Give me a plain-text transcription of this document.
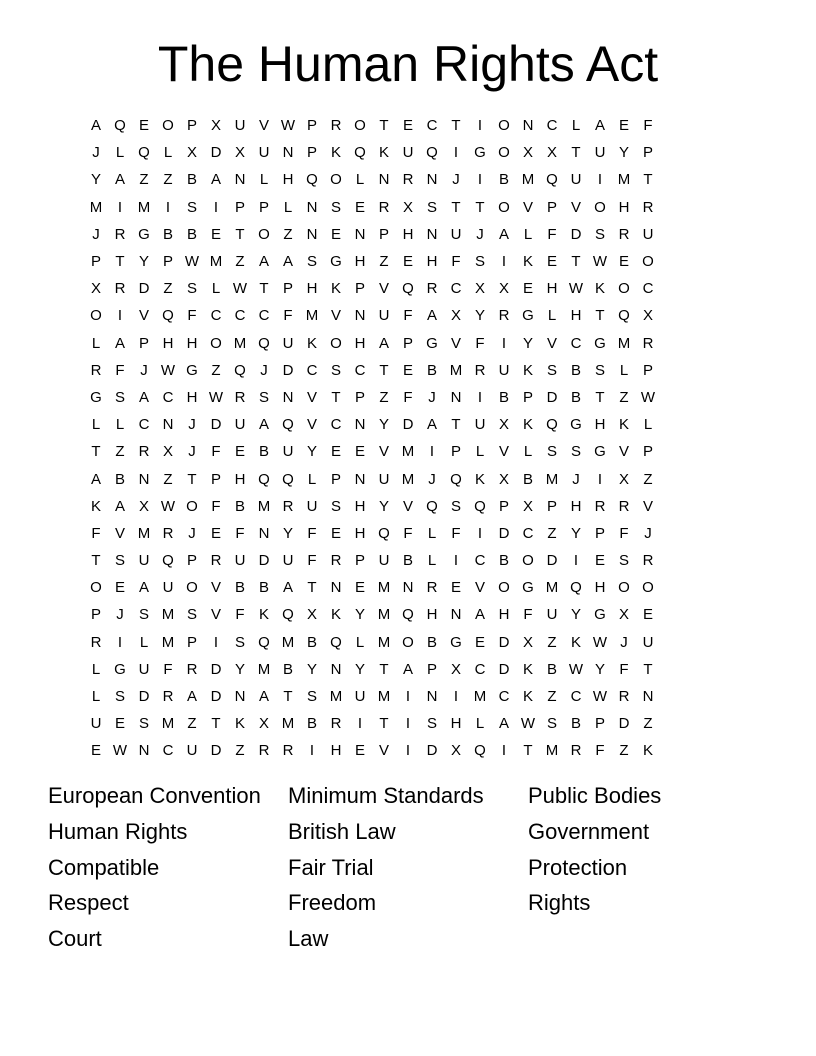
The Human Rights Act
A Q E O P X U V W P R O T E C T	I	O N C L A E F
J	L Q L X D X U N P K Q K U Q	I	G O X X T U Y P
Y A Z Z B A N L H Q O L N R N J	I	B M Q U	I	M T
M	I	M	I	S	I	P P L N S E R X S T T O V P V O H R
J R G B B E T O Z N E N P H N U J	A L	F D S R U
P T Y P W M Z A A S G H Z E H F S	I	K E T W E O
X R D Z S L W T P H K P V Q R C X X E H W K O C
O	I	V Q F C C C F M V N U F A X Y R G L H T Q X
L A P H H O M Q U K O H A P G V F	I	Y V C G M R
R F	J W G Z Q J D C S C T E B M R U K S B S L P
G S A C H W R S N V T P Z F	J N	I	B P D B T Z W
L	L C N J D U A Q V C N Y D A T U X K Q G H K L
T Z R X	J	F E B U Y E E V M	I	P L V L S S G V P
A B N Z T P H Q Q L P N U M J Q K X B M J	I	X Z
K A X W O F B M R U S H Y V Q S Q P X P H R R V
F V M R J	E F N Y F E H Q F	L	F	I	D C Z Y P F	J
T S U Q P R U D U F R P U B L	I	C B O D	I	E S R
O E A U O V B B A T N E M N R E V O G M Q H O O
P	J	S M S V F K Q X K Y M Q H N A H F U Y G X E
R	I	L M P	I	S Q M B Q L M O B G E D X Z K W J U
L G U F R D Y M B Y N Y T A P X C D K B W Y F T
L S D R A D N A T S M U M	I	N	I	M C K Z C W R N
U E S M Z T K X M B R	I	T	I	S H L A W S B P D Z
E W N C U D Z R R	I	H E V	I	D X Q	I	T M R F Z K
European Convention
Human Rights
Compatible
Respect
Court
Minimum Standards
British Law
Fair Trial
Freedom
Law
Public Bodies
Government
Protection
Rights
